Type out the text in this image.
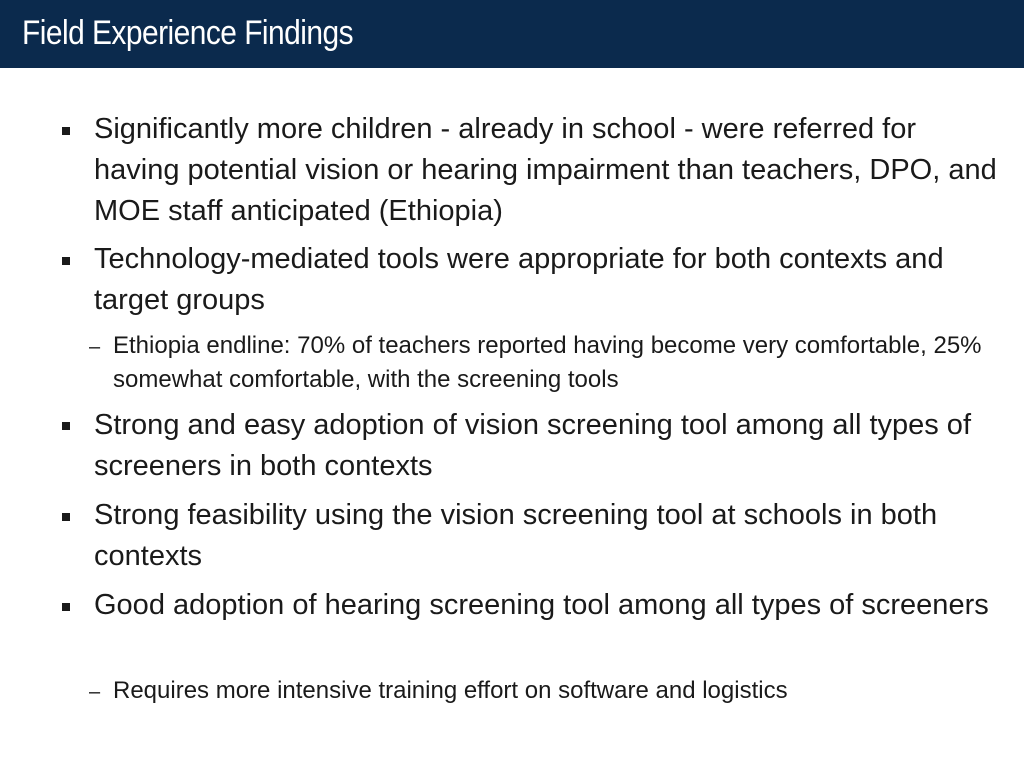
Field Experience Findings
Significantly more children - already in school - were referred for having potential vision or hearing impairment than teachers, DPO, and MOE staff anticipated (Ethiopia)
Technology-mediated tools were appropriate for both contexts and target groups
– Ethiopia endline: 70% of teachers reported having become very comfortable, 25% somewhat comfortable, with the screening tools
Strong and easy adoption of vision screening tool among all types of screeners in both contexts
Strong feasibility using the vision screening tool at schools in both contexts
Good adoption of hearing screening tool among all types of screeners
– Requires more intensive training effort on software and logistics
